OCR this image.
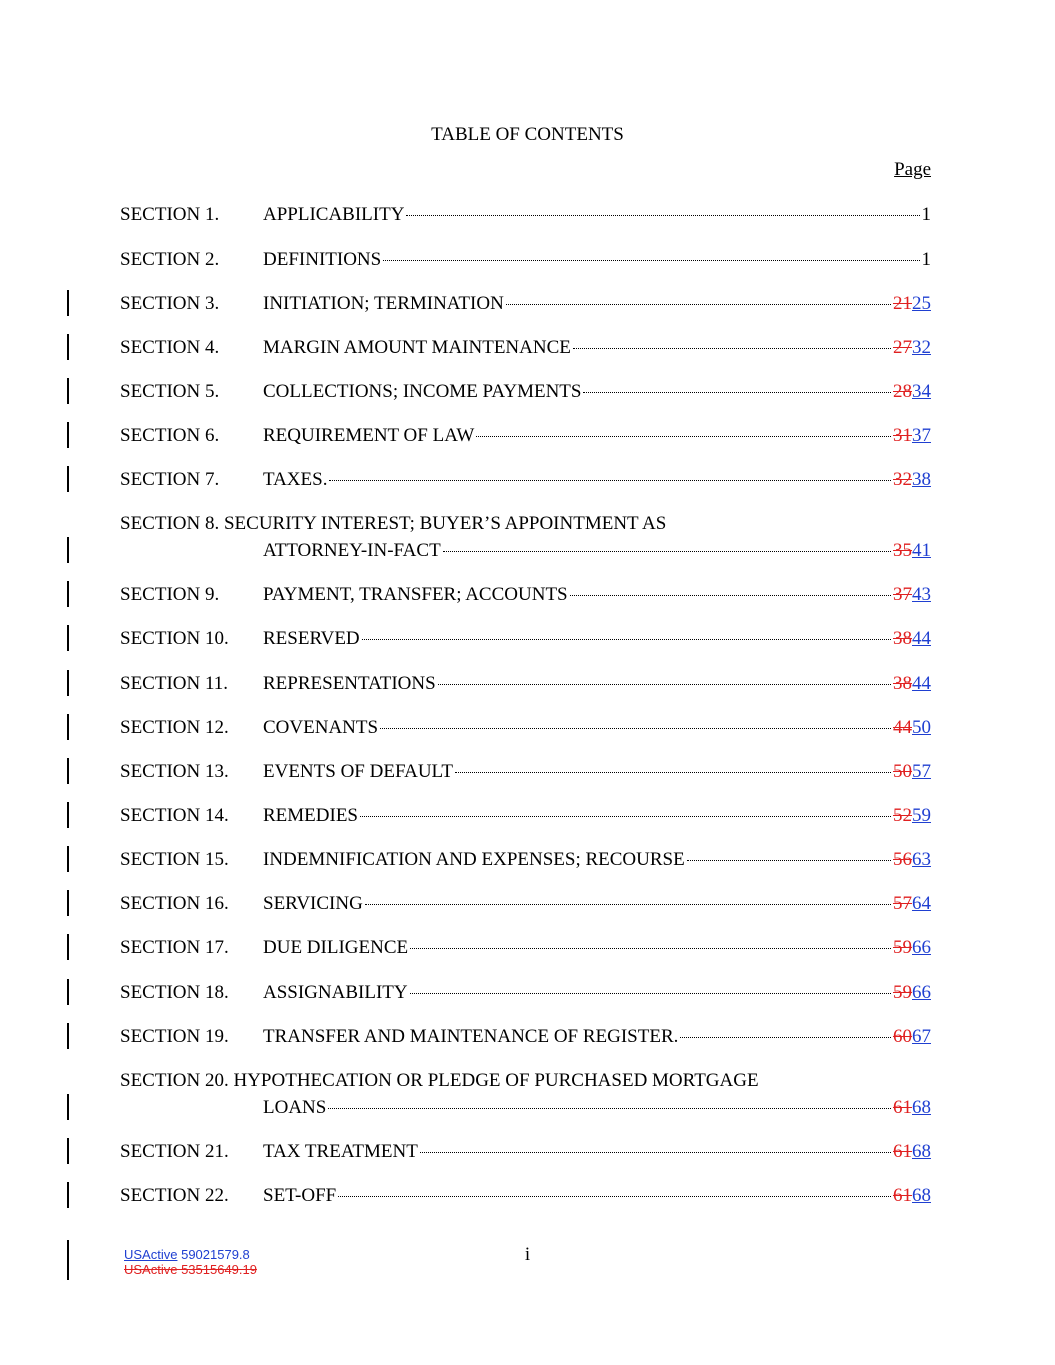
TABLE OF CONTENTS
Page
SECTION 1.	APPLICABILITY	1
SECTION 2.	DEFINITIONS	1
SECTION 3.	INITIATION; TERMINATION	2125
SECTION 4.	MARGIN AMOUNT MAINTENANCE	2732
SECTION 5.	COLLECTIONS; INCOME PAYMENTS	2834
SECTION 6.	REQUIREMENT OF LAW	3137
SECTION 7.	TAXES.	3238
SECTION 8. SECURITY INTEREST; BUYER’S APPOINTMENT AS
ATTORNEY-IN-FACT	3541
SECTION 9.	PAYMENT, TRANSFER; ACCOUNTS	3743
SECTION 10.	RESERVED	3844
SECTION 11.	REPRESENTATIONS	3844
SECTION 12.	COVENANTS	4450
SECTION 13.	EVENTS OF DEFAULT	5057
SECTION 14.	REMEDIES	5259
SECTION 15.	INDEMNIFICATION AND EXPENSES; RECOURSE	5663
SECTION 16.	SERVICING	5764
SECTION 17.	DUE DILIGENCE	5966
SECTION 18.	ASSIGNABILITY	5966
SECTION 19.	TRANSFER AND MAINTENANCE OF REGISTER.	6067
SECTION 20. HYPOTHECATION OR PLEDGE OF PURCHASED MORTGAGE
LOANS	6168
SECTION 21.	TAX TREATMENT	6168
SECTION 22.	SET-OFF	6168
USActive 59021579.8
USActive 53515649.19
i
